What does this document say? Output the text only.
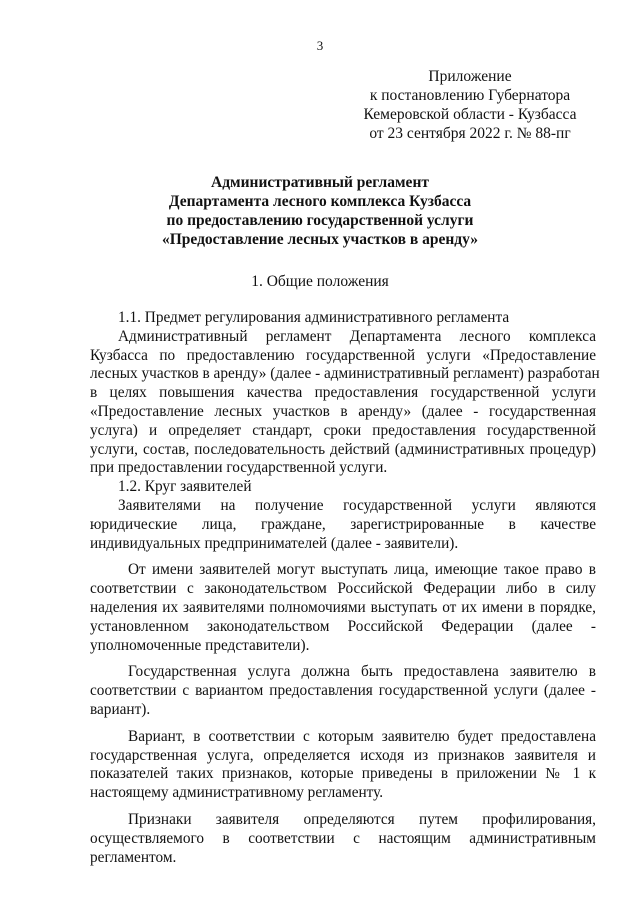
3
Приложение
к постановлению Губернатора
Кемеровской области - Кузбасса
от 23 сентября 2022 г. № 88-пг
Административный регламент
Департамента лесного комплекса Кузбасса
по предоставлению государственной услуги
«Предоставление лесных участков в аренду»
1. Общие положения
1.1. Предмет регулирования административного регламента
Административный регламент Департамента лесного комплекса
Кузбасса по предоставлению государственной услуги «Предоставление
лесных участков в аренду» (далее - административный регламент) разработан
в целях повышения качества предоставления государственной услуги
«Предоставление лесных участков в аренду» (далее - государственная
услуга) и определяет стандарт, сроки предоставления государственной
услуги, состав, последовательность действий (административных процедур)
при предоставлении государственной услуги.
1.2. Круг заявителей
Заявителями на получение государственной услуги являются
юридические лица, граждане, зарегистрированные в качестве
индивидуальных предпринимателей (далее - заявители).
От имени заявителей могут выступать лица, имеющие такое право в
соответствии с законодательством Российской Федерации либо в силу
наделения их заявителями полномочиями выступать от их имени в порядке,
установленном законодательством Российской Федерации (далее -
уполномоченные представители).
Государственная услуга должна быть предоставлена заявителю в
соответствии с вариантом предоставления государственной услуги (далее -
вариант).
Вариант, в соответствии с которым заявителю будет предоставлена
государственная услуга, определяется исходя из признаков заявителя и
показателей таких признаков, которые приведены в приложении № 1 к
настоящему административному регламенту.
Признаки заявителя определяются путем профилирования,
осуществляемого в соответствии с настоящим административным
регламентом.
